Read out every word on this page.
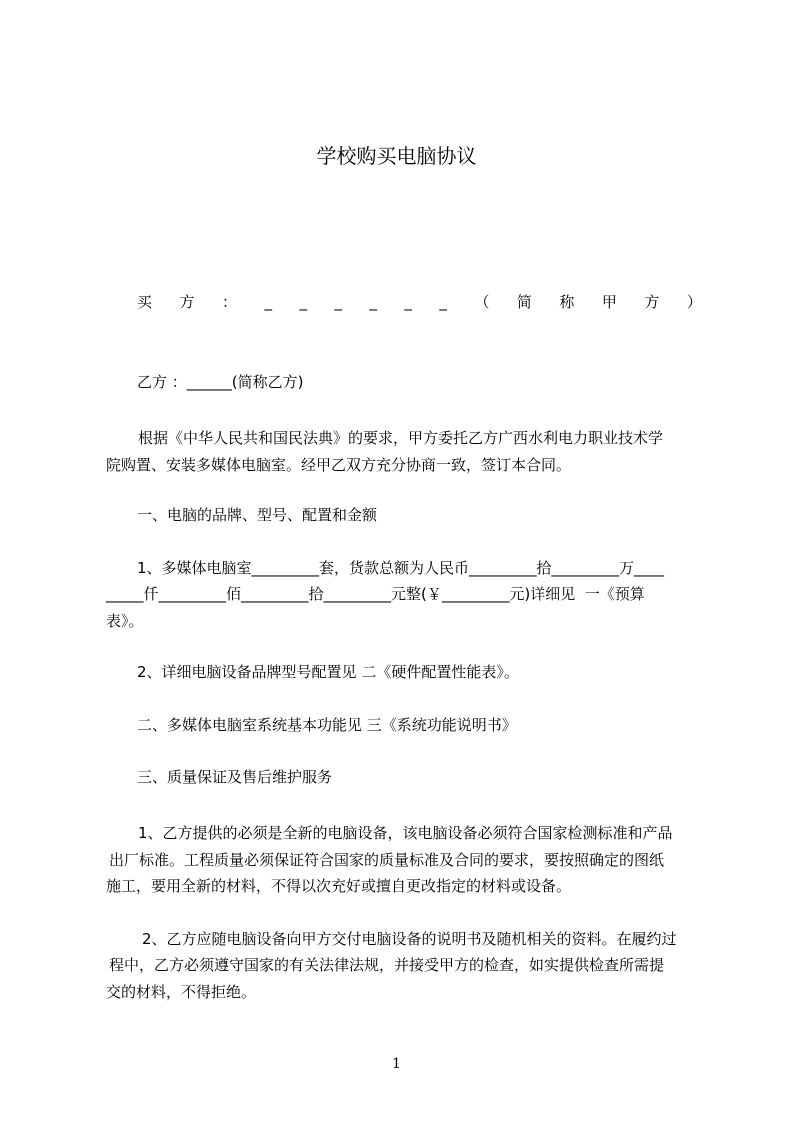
学校购买电脑协议
买 方 ： _ _ _ _ _ _ （ 简 称 甲 方 ）
乙方 ：______(简称乙方)
根据《中华人民共和国民法典》的要求，甲方委托乙方广西水利电力职业技术学
院购置、安装多媒体电脑室。经甲乙双方充分协商一致，签订本合同。
一、电脑的品牌、型号、配置和金额
1、多媒体电脑室_________套，货款总额为人民币_________拾_________万____
_____仟_________佰_________拾_________元整(￥_________元)详细见  一《预算
表》。
2、详细电脑设备品牌型号配置见 二《硬件配置性能表》。
二、多媒体电脑室系统基本功能见 三《系统功能说明书》
三、质量保证及售后维护服务
1、乙方提供的必须是全新的电脑设备，该电脑设备必须符合国家检测标准和产品
出厂标准。工程质量必须保证符合国家的质量标准及合同的要求，要按照确定的图纸
施工，要用全新的材料，不得以次充好或擅自更改指定的材料或设备。
2、乙方应随电脑设备向甲方交付电脑设备的说明书及随机相关的资料。在履约过
程中，乙方必须遵守国家的有关法律法规，并接受甲方的检查，如实提供检查所需提
交的材料，不得拒绝。
1
